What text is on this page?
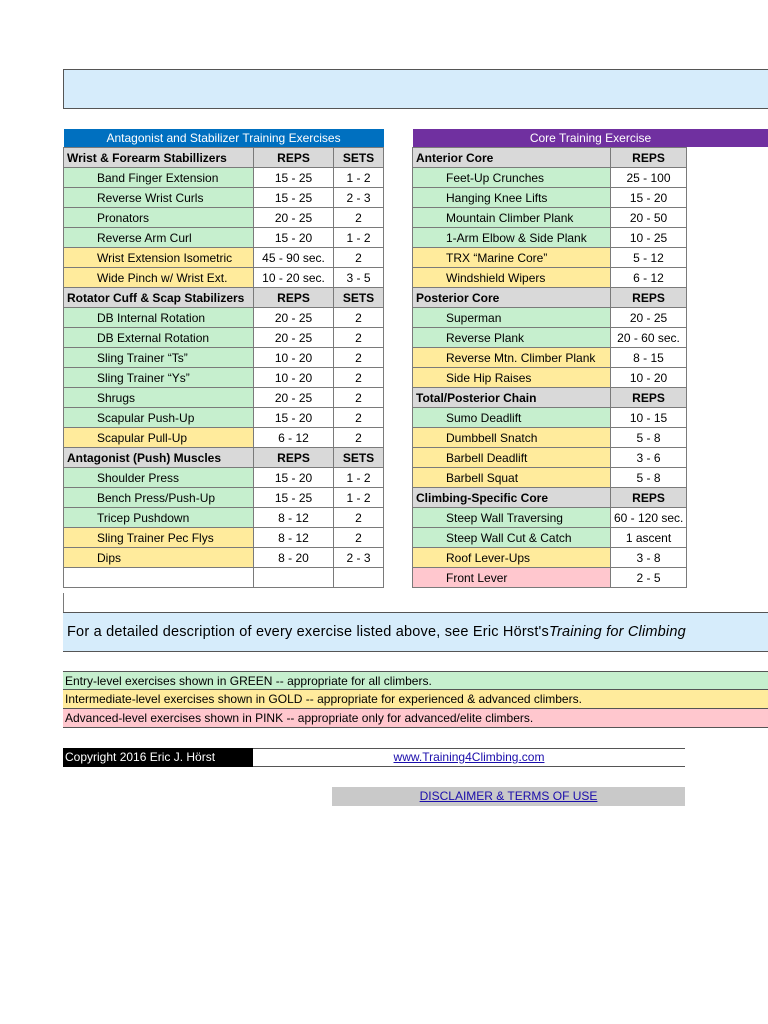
Antagonist and Stabilizer Training Exercises		
Wrist & Forearm Stabillizers	REPS	SETS
Band Finger Extension	15 - 25	1 - 2
Reverse Wrist Curls	15 - 25	2 - 3
Pronators	20 - 25	2
Reverse Arm Curl	15 - 20	1 - 2
Wrist Extension Isometric	45 - 90 sec.	2
Wide Pinch w/ Wrist Ext.	10 - 20 sec.	3 - 5
Rotator Cuff & Scap Stabilizers	REPS	SETS
DB Internal Rotation	20 - 25	2
DB External Rotation	20 - 25	2
Sling Trainer “Ts”	10 - 20	2
Sling Trainer “Ys”	10 - 20	2
Shrugs	20 - 25	2
Scapular Push-Up	15 - 20	2
Scapular Pull-Up	6 - 12	2
Antagonist (Push) Muscles	REPS	SETS
Shoulder Press	15 - 20	1 - 2
Bench Press/Push-Up	15 - 25	1 - 2
Tricep Pushdown	8 - 12	2
Sling Trainer Pec Flys	8 - 12	2
Dips	8 - 20	2 - 3

Core Training Exercise		
Anterior Core	REPS	
Feet-Up Crunches	25 - 100	
Hanging Knee Lifts	15 - 20	
Mountain Climber Plank	20 - 50	
1-Arm Elbow & Side Plank	10 - 25	
TRX “Marine Core”	5 - 12	
Windshield Wipers	6 - 12	
Posterior Core	REPS	
Superman	20 - 25	
Reverse Plank	20 - 60 sec.	
Reverse Mtn. Climber Plank	8 - 15	
Side Hip Raises	10 - 20	
Total/Posterior Chain	REPS	
Sumo Deadlift	10 - 15	
Dumbbell Snatch	5 - 8	
Barbell Deadlift	3 - 6	
Barbell Squat	5 - 8	
Climbing-Specific Core	REPS	
Steep Wall Traversing	60 - 120 sec.	
Steep Wall Cut & Catch	1 ascent	
Roof Lever-Ups	3 - 8	
Front Lever	2 - 5	
For a detailed description of every exercise listed above, see Eric Hörst'sTraining for Climbing
Entry-level exercises shown in GREEN -- appropriate for all climbers.
Intermediate-level exercises shown in GOLD -- appropriate for experienced & advanced climbers.
Advanced-level exercises shown in PINK -- appropriate only for advanced/elite climbers.
Copyright 2016 Eric J. Hörst	www.Training4Climbing.com
DISCLAIMER & TERMS OF USE
